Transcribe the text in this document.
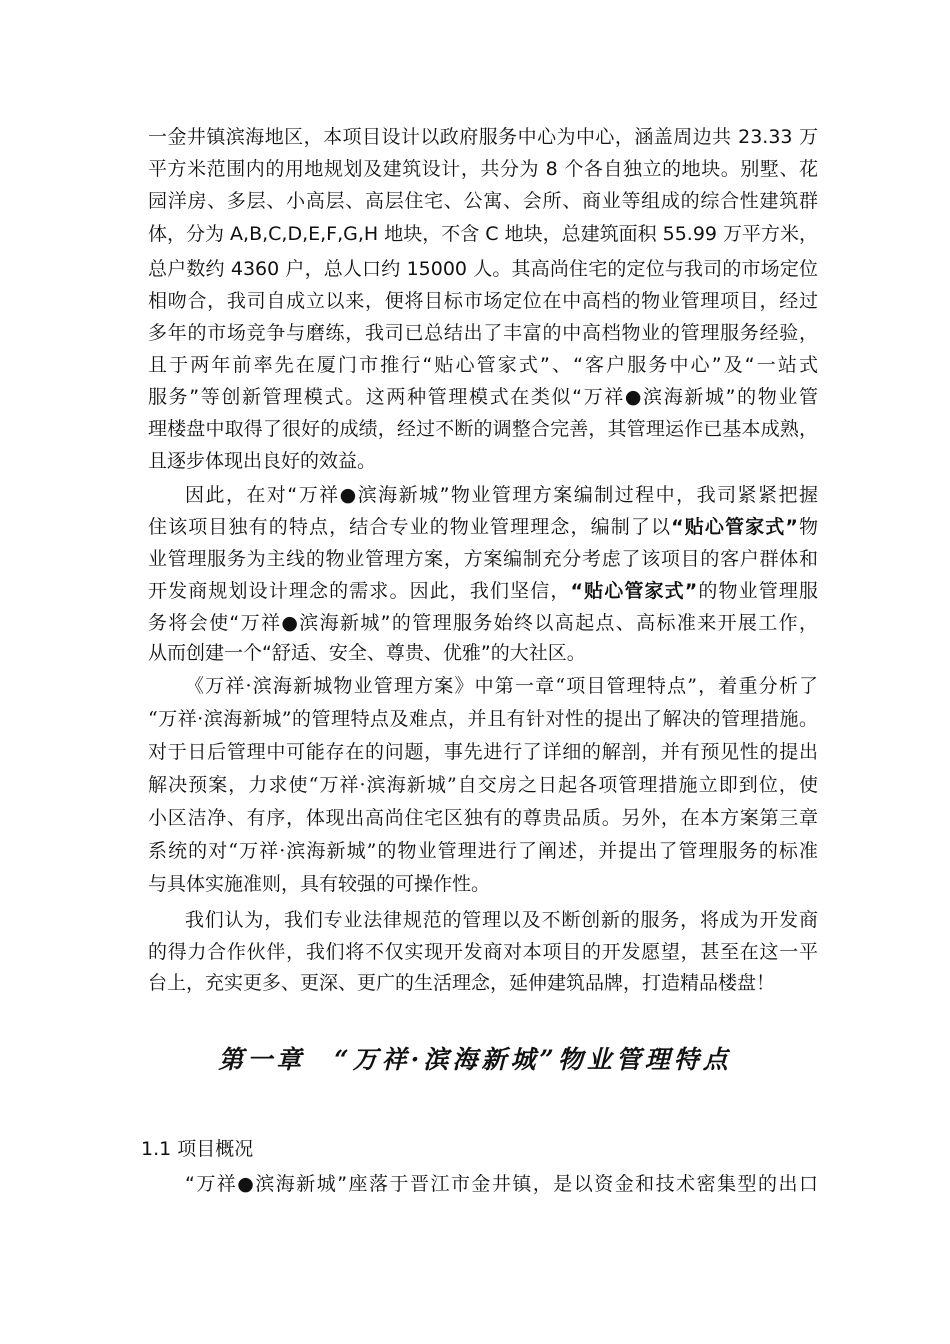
一金井镇滨海地区，本项目设计以政府服务中心为中心，涵盖周边共 23.33 万
平方米范围内的用地规划及建筑设计，共分为 8 个各自独立的地块。别墅、花
园洋房、多层、小高层、高层住宅、公寓、会所、商业等组成的综合性建筑群
体，分为 A,B,C,D,E,F,G,H 地块，不含 C 地块，总建筑面积 55.99 万平方米，
总户数约 4360 户，总人口约 15000 人。其高尚住宅的定位与我司的市场定位
相吻合，我司自成立以来，便将目标市场定位在中高档的物业管理项目，经过
多年的市场竞争与磨练，我司已总结出了丰富的中高档物业的管理服务经验，
且于两年前率先在厦门市推行“贴心管家式”、“客户服务中心”及“一站式
服务”等创新管理模式。这两种管理模式在类似“万祥●滨海新城”的物业管
理楼盘中取得了很好的成绩，经过不断的调整合完善，其管理运作已基本成熟，
且逐步体现出良好的效益。
因此，在对“万祥●滨海新城”物业管理方案编制过程中，我司紧紧把握
住该项目独有的特点，结合专业的物业管理理念，编制了以“贴心管家式”物
业管理服务为主线的物业管理方案，方案编制充分考虑了该项目的客户群体和
开发商规划设计理念的需求。因此，我们坚信，“贴心管家式”的物业管理服
务将会使“万祥●滨海新城”的管理服务始终以高起点、高标准来开展工作，
从而创建一个“舒适、安全、尊贵、优雅”的大社区。
《万祥·滨海新城物业管理方案》中第一章“项目管理特点”，着重分析了
“万祥·滨海新城”的管理特点及难点，并且有针对性的提出了解决的管理措施。
对于日后管理中可能存在的问题，事先进行了详细的解剖，并有预见性的提出
解决预案，力求使“万祥·滨海新城”自交房之日起各项管理措施立即到位，使
小区洁净、有序，体现出高尚住宅区独有的尊贵品质。另外，在本方案第三章
系统的对“万祥·滨海新城”的物业管理进行了阐述，并提出了管理服务的标准
与具体实施准则，具有较强的可操作性。
我们认为，我们专业法律规范的管理以及不断创新的服务，将成为开发商
的得力合作伙伴，我们将不仅实现开发商对本项目的开发愿望，甚至在这一平
台上，充实更多、更深、更广的生活理念，延伸建筑品牌，打造精品楼盘！
第一章　“万祥·滨海新城”物业管理特点
1.1 项目概况
“万祥●滨海新城”座落于晋江市金井镇，是以资金和技术密集型的出口
